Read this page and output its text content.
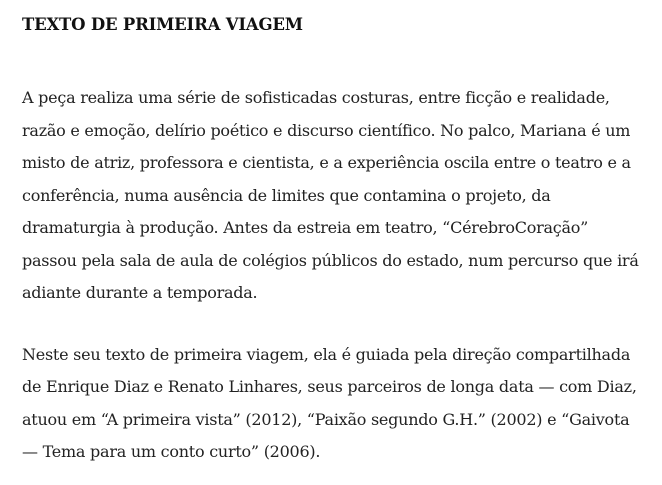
TEXTO DE PRIMEIRA VIAGEM

A peça realiza uma série de sofisticadas costuras, entre ficção e realidade, razão e emoção, delírio poético e discurso científico. No palco, Mariana é um misto de atriz, professora e cientista, e a experiência oscila entre o teatro e a conferência, numa ausência de limites que contamina o projeto, da dramaturgia à produção. Antes da estreia em teatro, “CérebroCoração” passou pela sala de aula de colégios públicos do estado, num percurso que irá adiante durante a temporada.

Neste seu texto de primeira viagem, ela é guiada pela direção compartilhada de Enrique Diaz e Renato Linhares, seus parceiros de longa data — com Diaz, atuou em “A primeira vista” (2012), “Paixão segundo G.H.” (2002) e “Gaivota — Tema para um conto curto” (2006).
